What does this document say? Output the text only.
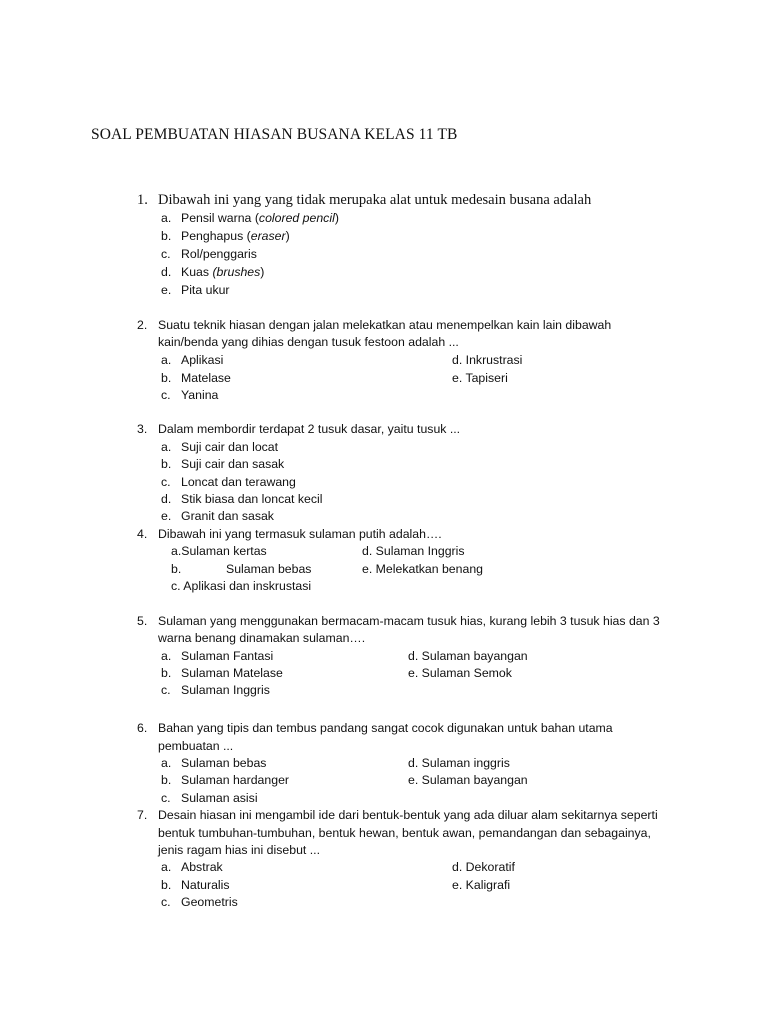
SOAL PEMBUATAN HIASAN BUSANA KELAS 11 TB
1. Dibawah ini yang yang tidak merupaka alat untuk medesain busana adalah
a. Pensil warna (colored pencil)
b. Penghapus (eraser)
c. Rol/penggaris
d. Kuas (brushes)
e. Pita ukur
2. Suatu teknik hiasan dengan jalan melekatkan atau menempelkan kain lain dibawah
kain/benda yang dihias dengan tusuk festoon adalah ...
a. Aplikasi
b. Matelase
c. Yanina
d. Inkrustrasi
e. Tapiseri
3. Dalam membordir terdapat 2 tusuk dasar, yaitu tusuk ...
a. Suji cair dan locat
b. Suji cair dan sasak
c. Loncat dan terawang
d. Stik biasa dan loncat kecil
e. Granit dan sasak
4. Dibawah ini yang termasuk sulaman putih adalah….
a.Sulaman kertas
b.	Sulaman bebas
c. Aplikasi dan inskrustasi
d. Sulaman Inggris
e. Melekatkan benang
5. Sulaman yang menggunakan bermacam-macam tusuk hias, kurang lebih 3 tusuk hias dan 3
warna benang dinamakan sulaman….
a. Sulaman Fantasi
b. Sulaman Matelase
c. Sulaman Inggris
d. Sulaman bayangan
e. Sulaman Semok
6. Bahan yang tipis dan tembus pandang sangat cocok digunakan untuk bahan utama
pembuatan ...
a. Sulaman bebas
b. Sulaman hardanger
c. Sulaman asisi
d. Sulaman inggris
e. Sulaman bayangan
7. Desain hiasan ini mengambil ide dari bentuk-bentuk yang ada diluar alam sekitarnya seperti
bentuk tumbuhan-tumbuhan, bentuk hewan, bentuk awan, pemandangan dan sebagainya,
jenis ragam hias ini disebut ...
a. Abstrak
b. Naturalis
c. Geometris
d. Dekoratif
e. Kaligrafi
